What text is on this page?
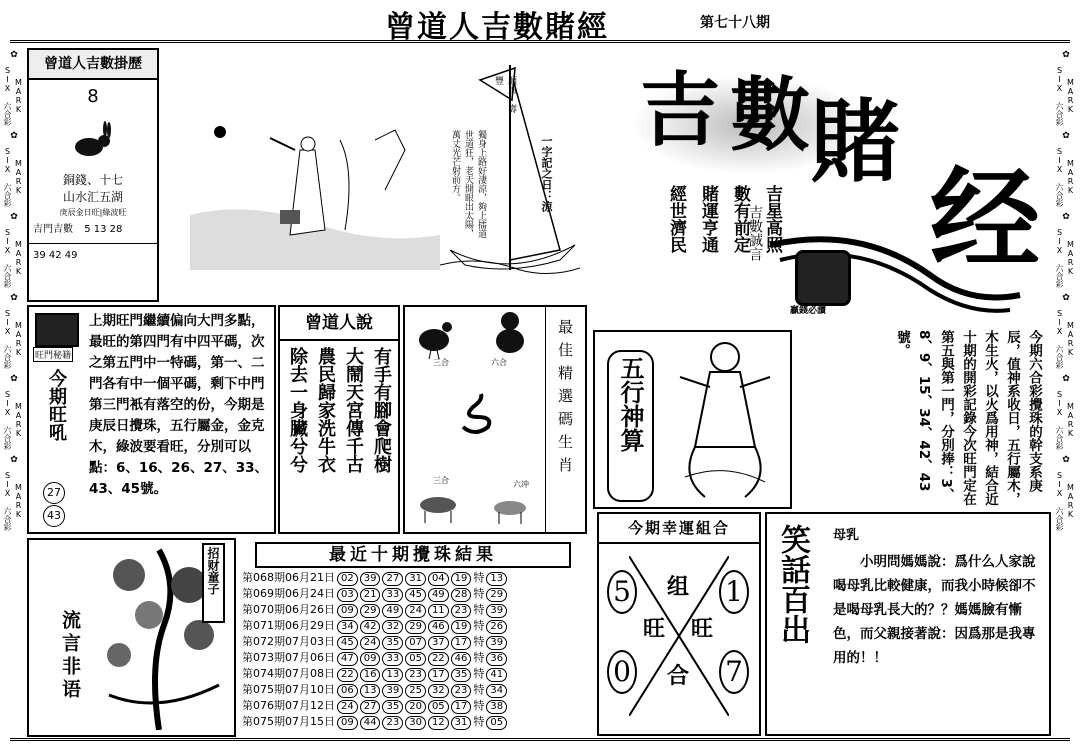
曾道人吉數賭經	第七十八期
✿
MARK SIX 六合彩
✿
MARK SIX 六合彩
✿
MARK SIX 六合彩
✿
MARK SIX 六合彩
✿
MARK SIX 六合彩
✿
MARK SIX 六合彩
✿
MARK SIX 六合彩
✿
MARK SIX 六合彩
✿
MARK SIX 六合彩
✿
MARK SIX 六合彩
✿
MARK SIX 六合彩
✿
MARK SIX 六合彩
曾道人吉數掛歷
8
銅錢、十七
山水汇五湖
庚辰金日旺|綠波旺
吉門吉數 5 13 28
39 42 49
順風 壽豐
獨身上路好淒涼，夠上擂道世道狂，老天開眼出太陽，萬丈光芒射前方。	一字記之日：涼
吉 數 賭
经
贏錢必讀
吉星高照
數有前定
賭運亨通
經世濟民	吉數誠言
旺門秘籍
今期旺吼
27
43
上期旺門繼續偏向大門多點，最旺的第四門有中四平碼，次之第五門中一特碼，第一、二門各有中一個平碼，剩下中門第三門衹有落空的份，今期是庚辰日攪珠，五行屬金，金克木，綠波要看旺，分別可以點：6、16、26、27、33、43、45號。
曾道人說
有手有腳會爬樹
大鬧天宮傳千古
農民歸家洗牛衣
除去一身臟兮兮	三合	六合
三合	六冲
最佳精選碼生肖	五行神算	今期六合彩攪珠的幹支系庚辰，值神系收日，五行屬木，木生火，以火爲用神，結合近十期的開彩記錄今次旺門定在第五與第一門，分別捧：3、8、9、15、34、42、43號。
流言非语
招财童子	最近十期攪珠結果
第068期06月21日	02	39	27	31	04	19	特	13
第069期06月24日	03	21	33	45	49	28	特	29
第070期06月26日	09	29	49	24	11	23	特	39
第071期06月29日	34	42	32	29	46	19	特	26
第072期07月03日	45	24	35	07	37	17	特	39
第073期07月06日	47	09	33	05	22	46	特	36
第074期07月08日	22	16	13	23	17	35	特	41
第075期07月10日	06	13	39	25	32	23	特	34
第076期07月12日	24	27	35	20	05	17	特	38
第075期07月15日	09	44	23	30	12	31	特	05
今期幸運組合
5	1
0	7
组
旺 旺
合
笑話百出 母乳
小明問媽媽說：爲什么人家說喝母乳比較健康，而我小時候卻不是喝母乳長大的？？媽媽臉有慚色，而父親接著說：因爲那是我專用的！！
